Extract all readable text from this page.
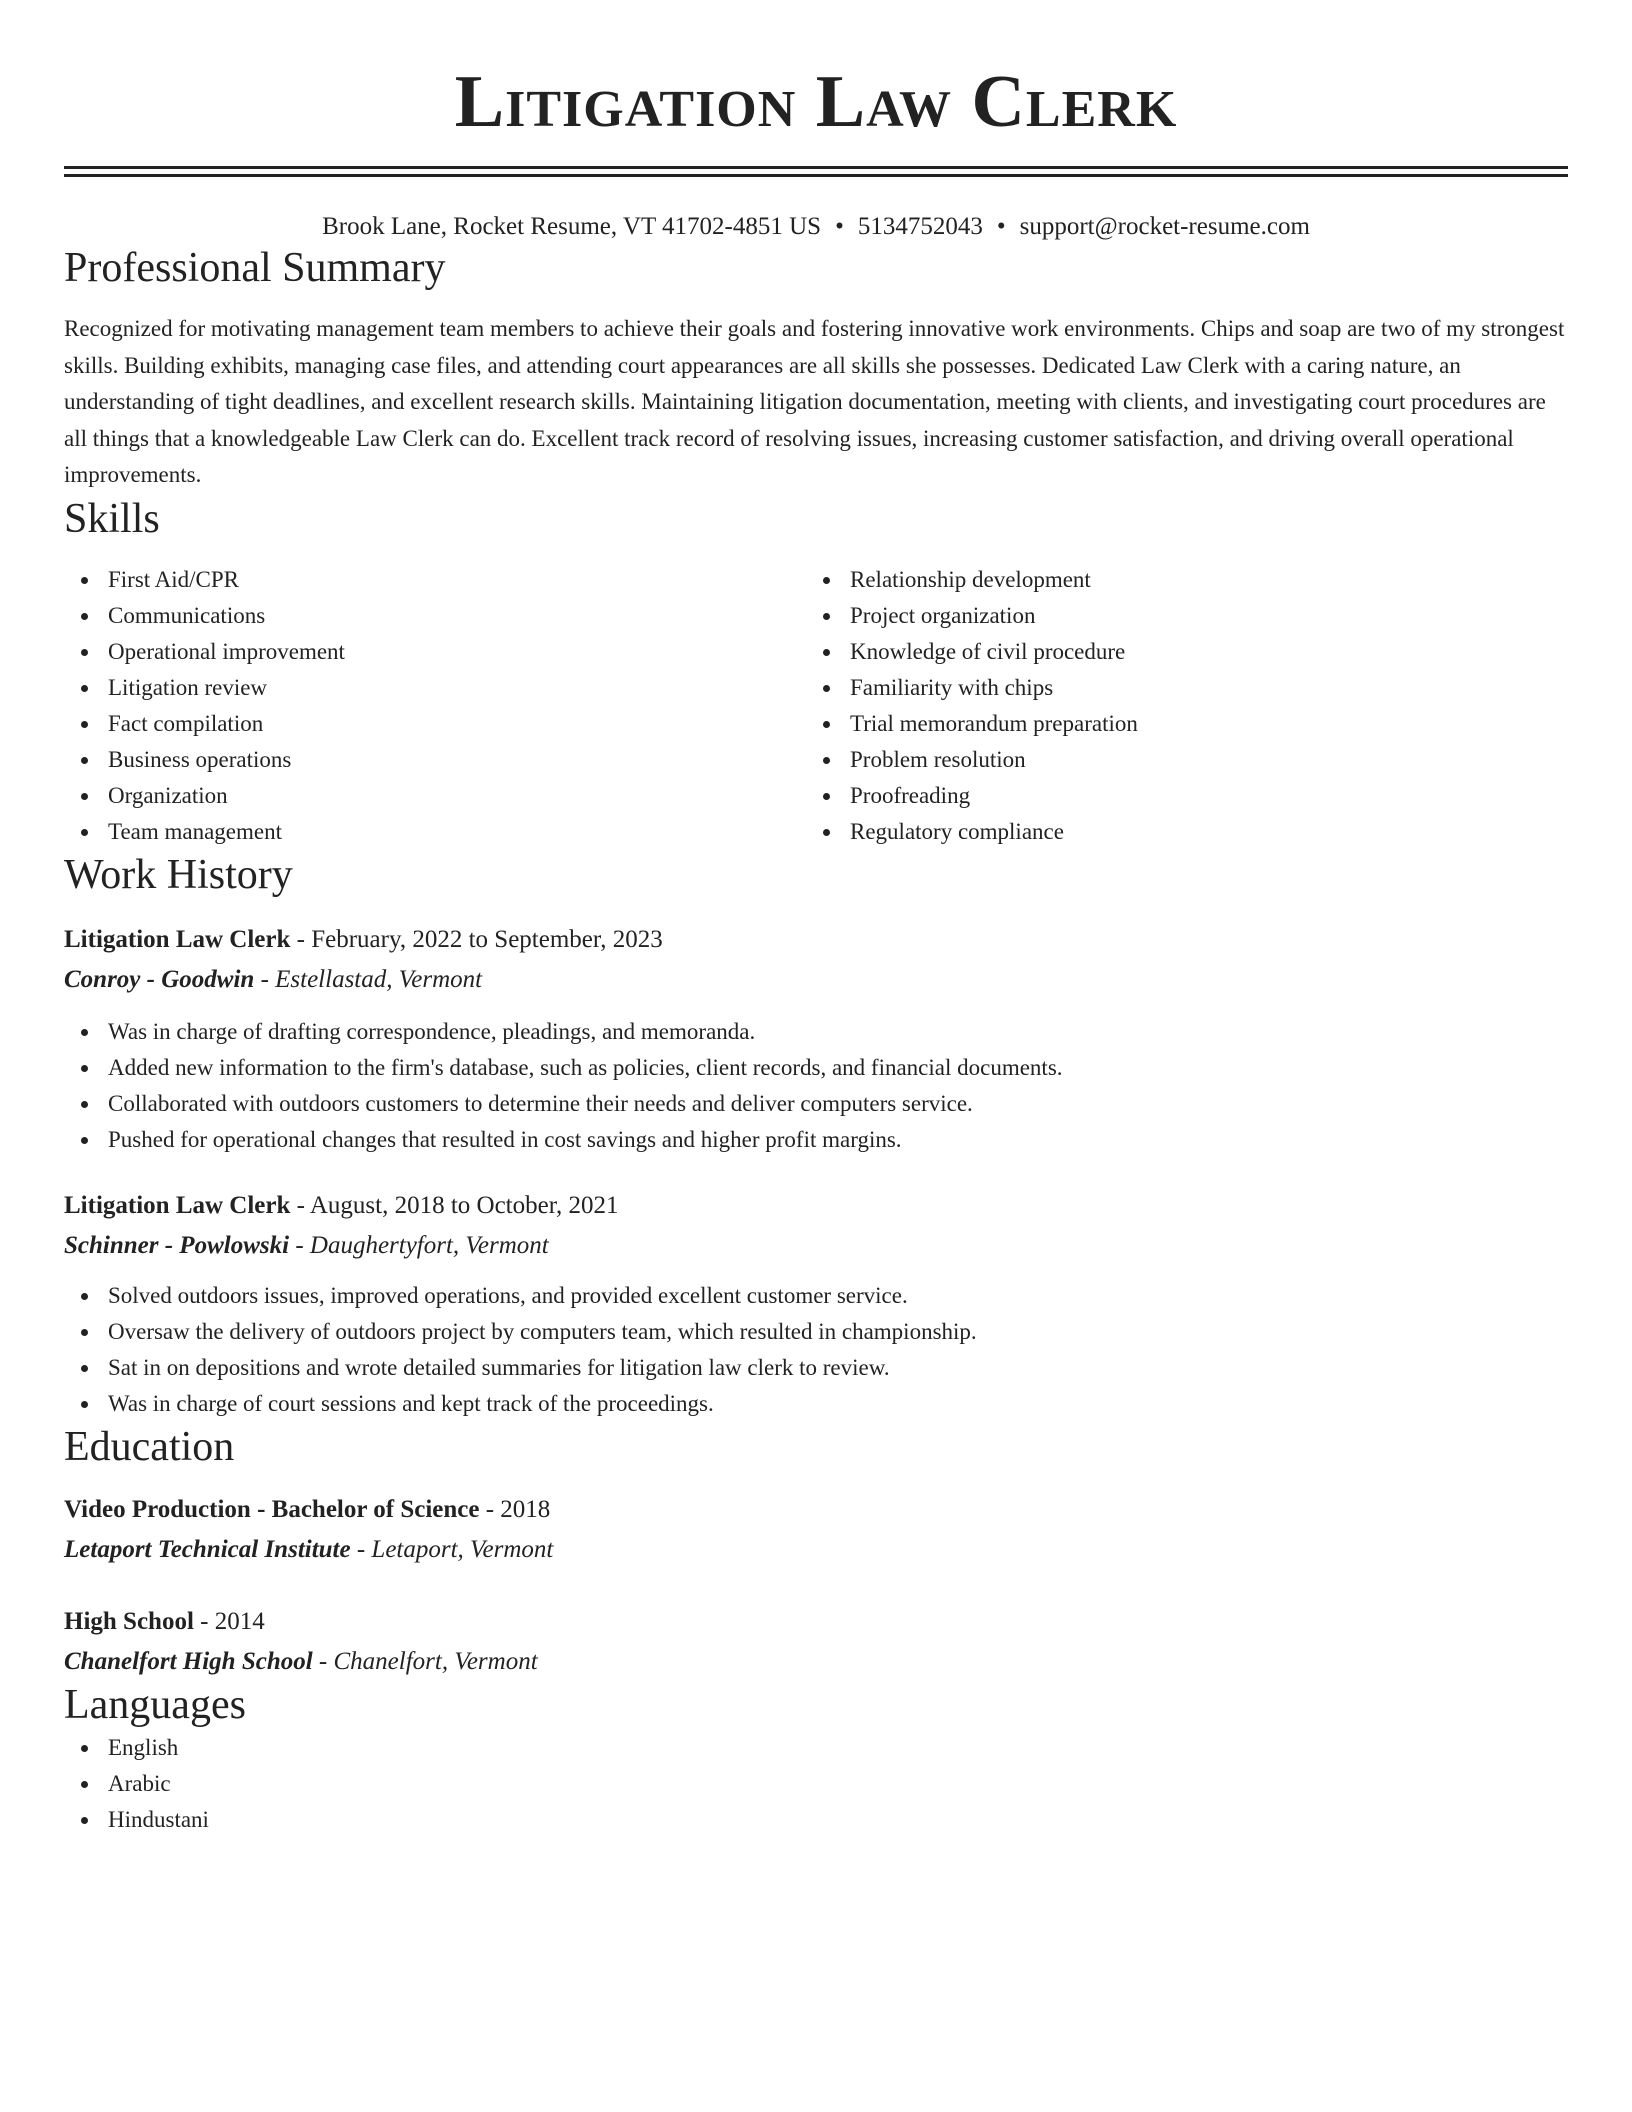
Litigation Law Clerk
Brook Lane, Rocket Resume, VT 41702-4851 US • 5134752043 • support@rocket-resume.com
Professional Summary
Recognized for motivating management team members to achieve their goals and fostering innovative work environments. Chips and soap are two of my strongest skills. Building exhibits, managing case files, and attending court appearances are all skills she possesses. Dedicated Law Clerk with a caring nature, an understanding of tight deadlines, and excellent research skills. Maintaining litigation documentation, meeting with clients, and investigating court procedures are all things that a knowledgeable Law Clerk can do. Excellent track record of resolving issues, increasing customer satisfaction, and driving overall operational improvements.
Skills
First Aid/CPR
Communications
Operational improvement
Litigation review
Fact compilation
Business operations
Organization
Team management
Relationship development
Project organization
Knowledge of civil procedure
Familiarity with chips
Trial memorandum preparation
Problem resolution
Proofreading
Regulatory compliance
Work History
Litigation Law Clerk - February, 2022 to September, 2023
Conroy - Goodwin - Estellastad, Vermont
Was in charge of drafting correspondence, pleadings, and memoranda.
Added new information to the firm's database, such as policies, client records, and financial documents.
Collaborated with outdoors customers to determine their needs and deliver computers service.
Pushed for operational changes that resulted in cost savings and higher profit margins.
Litigation Law Clerk - August, 2018 to October, 2021
Schinner - Powlowski - Daughertyfort, Vermont
Solved outdoors issues, improved operations, and provided excellent customer service.
Oversaw the delivery of outdoors project by computers team, which resulted in championship.
Sat in on depositions and wrote detailed summaries for litigation law clerk to review.
Was in charge of court sessions and kept track of the proceedings.
Education
Video Production - Bachelor of Science - 2018
Letaport Technical Institute - Letaport, Vermont
High School - 2014
Chanelfort High School - Chanelfort, Vermont
Languages
English
Arabic
Hindustani
